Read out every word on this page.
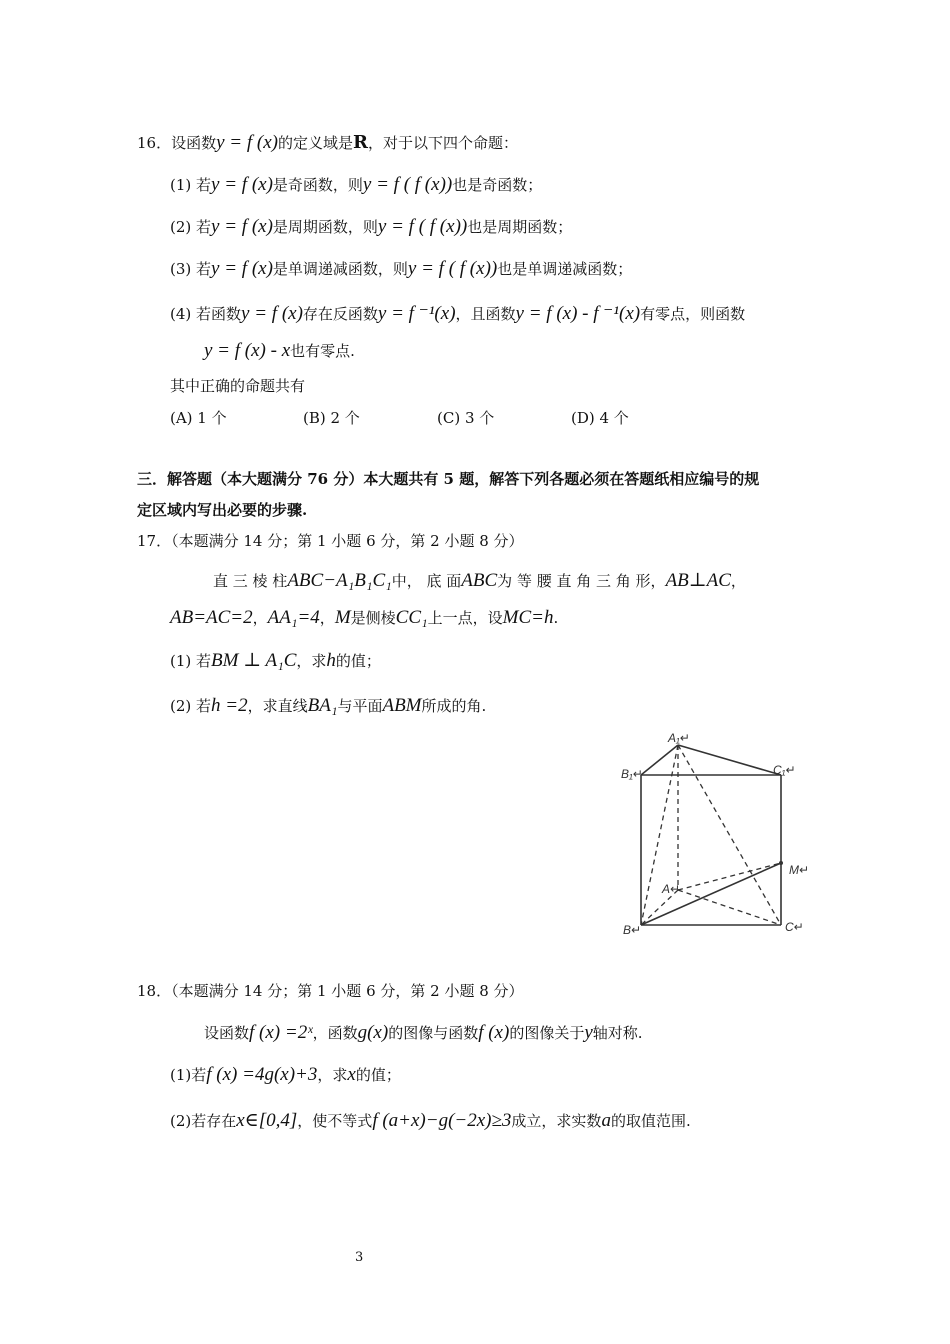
16．设函数y = f (x)的定义域是R，对于以下四个命题：
(1) 若y = f (x)是奇函数，则y = f ( f (x))也是奇函数；
(2) 若y = f (x)是周期函数，则y = f ( f (x))也是周期函数；
(3) 若y = f (x)是单调递减函数，则y = f ( f (x))也是单调递减函数；
(4) 若函数y = f (x)存在反函数y = f ⁻¹(x)，且函数y = f (x) - f ⁻¹(x)有零点，则函数
y = f (x) - x也有零点.
其中正确的命题共有
(A) 1 个	(B) 2 个	(C) 3 个	(D) 4 个
三．解答题（本大题满分 76 分）本大题共有 5 题，解答下列各题必须在答题纸相应编号的规
定区域内写出必要的步骤.
17．（本题满分 14 分；第 1 小题 6 分，第 2 小题 8 分）
直 三 棱 柱ABC−A₁B₁C₁中， 底 面ABC为 等 腰 直 角 三 角 形，AB⊥AC，
AB=AC=2，AA₁=4，M是侧棱CC₁上一点，设MC=h.
(1) 若BM ⊥ A₁C，求h的值；
(2) 若h =2，求直线BA₁与平面ABM所成的角.
A₁↵
B₁↵	C₁↵
M↵
A↵
B↵	C↵
18．（本题满分 14 分；第 1 小题 6 分，第 2 小题 8 分）
设函数f (x) =2ˣ，函数g(x)的图像与函数f (x)的图像关于y轴对称.
(1)若f (x) =4g(x)+3，求x的值；
(2)若存在x∈[0,4]，使不等式f (a+x)−g(−2x)≥3成立，求实数a的取值范围.
3
